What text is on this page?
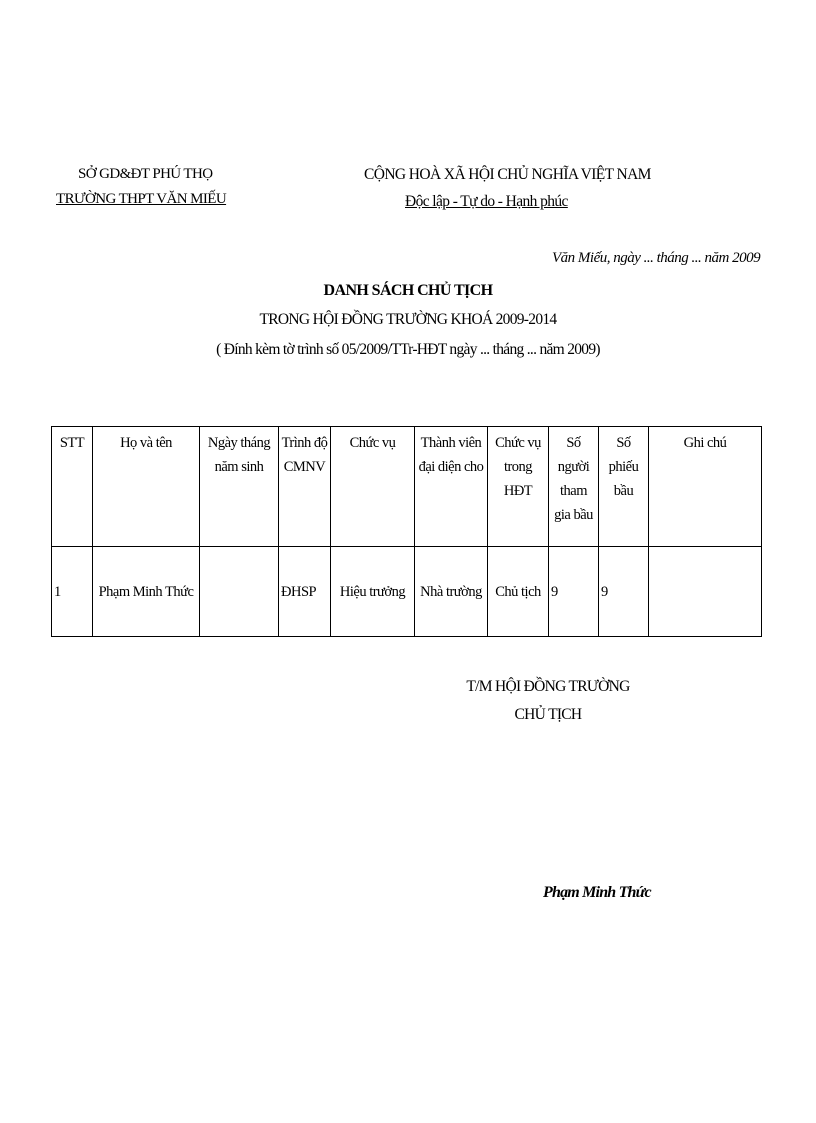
SỞ GD&ĐT PHÚ THỌ
TRƯỜNG THPT VĂN MIẾU
CỘNG HOÀ XÃ HỘI CHỦ NGHĨA VIỆT NAM
Độc lập - Tự do - Hạnh phúc
Văn Miếu, ngày ... tháng ... năm 2009
DANH SÁCH CHỦ TỊCH
TRONG HỘI ĐỒNG TRƯỜNG KHOÁ 2009-2014
( Đính kèm tờ trình số 05/2009/TTr-HĐT ngày ... tháng ... năm 2009)
STT	Họ và tên	Ngày tháng năm sinh	Trình độ CMNV	Chức vụ	Thành viên đại diện cho	Chức vụ trong HĐT	Số người tham gia bầu	Số phiếu bầu	Ghi chú
1	Phạm Minh Thức		ĐHSP	Hiệu trưởng	Nhà trường	Chủ tịch	9	9	
T/M HỘI ĐỒNG TRƯỜNG
CHỦ TỊCH
Phạm Minh Thức
